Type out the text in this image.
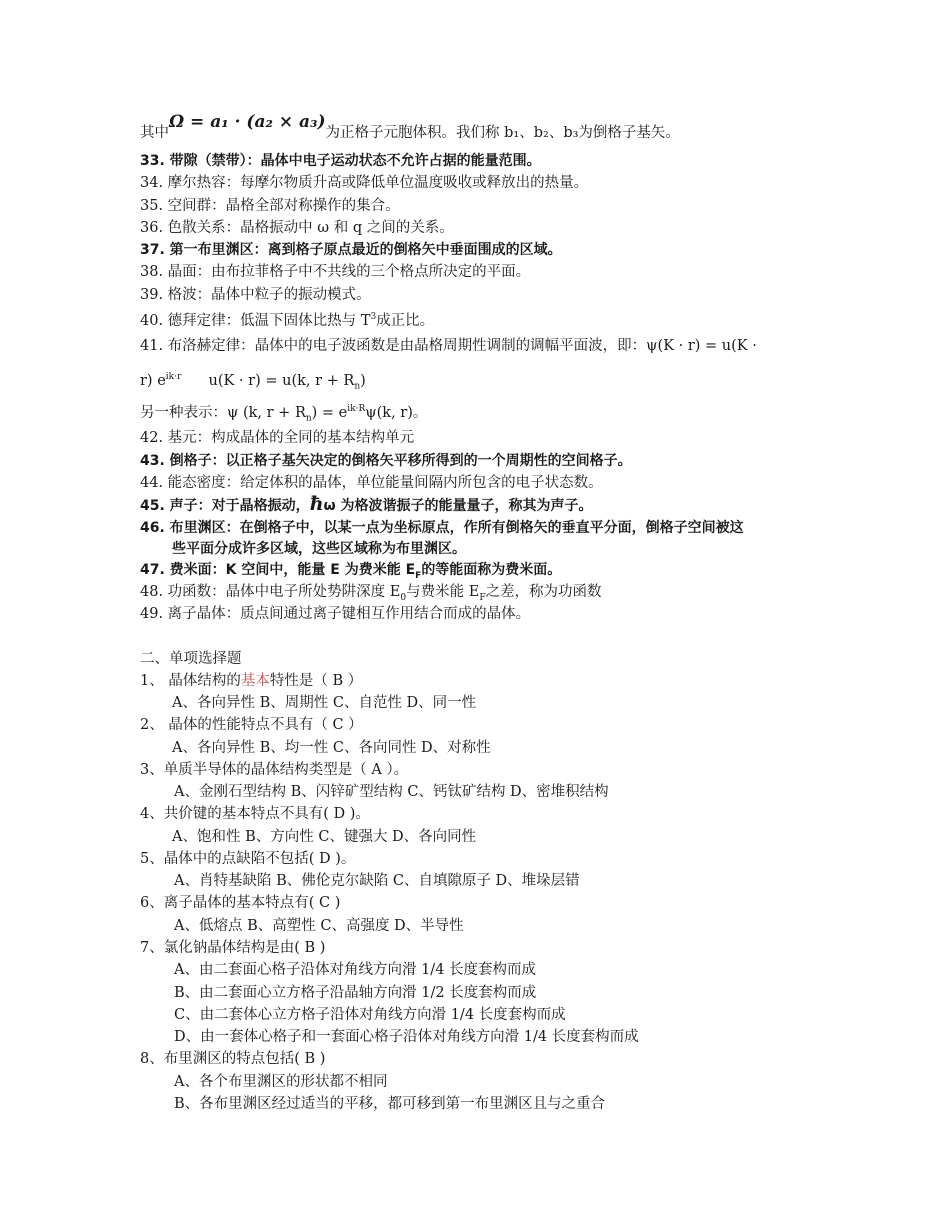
其中Ω = a₁ · (a₂ × a₃)为正格子元胞体积。我们称 b₁、b₂、b₃为倒格子基矢。
33. 带隙（禁带）：晶体中电子运动状态不允许占据的能量范围。
34. 摩尔热容：每摩尔物质升高或降低单位温度吸收或释放出的热量。
35. 空间群：晶格全部对称操作的集合。
36. 色散关系：晶格振动中 ω 和 q 之间的关系。
37. 第一布里渊区：离到格子原点最近的倒格矢中垂面围成的区域。
38. 晶面：由布拉菲格子中不共线的三个格点所决定的平面。
39. 格波：晶体中粒子的振动模式。
40. 德拜定律：低温下固体比热与 $T^3$成正比。
41. 布洛赫定律：晶体中的电子波函数是由晶格周期性调制的调幅平面波，即：ψ(K · r) = u(K ·
r) $e^{ik\cdot r}$ u(K · r) = u(k, $r + R_n$)
另一种表示：ψ (k, $r + R_n) = e^{ik\cdot R}\psi(k$, r)。
42. 基元：构成晶体的全同的基本结构单元
43. 倒格子：以正格子基矢决定的倒格矢平移所得到的一个周期性的空间格子。
44. 能态密度：给定体积的晶体，单位能量间隔内所包含的电子状态数。
45. 声子：对于晶格振动，ħω 为格波谐振子的能量量子，称其为声子。
46. 布里渊区：在倒格子中，以某一点为坐标原点，作所有倒格矢的垂直平分面，倒格子空间被这
些平面分成许多区域，这些区域称为布里渊区。
47. 费米面：K 空间中，能量 E 为费米能 $E_F$的等能面称为费米面。
48. 功函数：晶体中电子所处势阱深度 $E_0$与费米能 $E_F$之差，称为功函数
49. 离子晶体：质点间通过离子键相互作用结合而成的晶体。
二、单项选择题
1、 晶体结构的基本特性是（ B ）
A、各向异性 B、周期性 C、自范性 D、同一性
2、 晶体的性能特点不具有（ C ）
A、各向异性 B、均一性 C、各向同性 D、对称性
3、单质半导体的晶体结构类型是（ A ）。
A、金刚石型结构 B、闪锌矿型结构 C、钙钛矿结构 D、密堆积结构
4、共价键的基本特点不具有( D )。
A、饱和性 B、方向性 C、键强大 D、各向同性
5、晶体中的点缺陷不包括( D )。
A、肖特基缺陷 B、佛伦克尔缺陷 C、自填隙原子 D、堆垛层错
6、离子晶体的基本特点有( C )
A、低熔点 B、高塑性 C、高强度 D、半导性
7、氯化钠晶体结构是由( B )
A、由二套面心格子沿体对角线方向滑 1/4 长度套构而成
B、由二套面心立方格子沿晶轴方向滑 1/2 长度套构而成
C、由二套体心立方格子沿体对角线方向滑 1/4 长度套构而成
D、由一套体心格子和一套面心格子沿体对角线方向滑 1/4 长度套构而成
8、布里渊区的特点包括( B )
A、各个布里渊区的形状都不相同
B、各布里渊区经过适当的平移，都可移到第一布里渊区且与之重合
